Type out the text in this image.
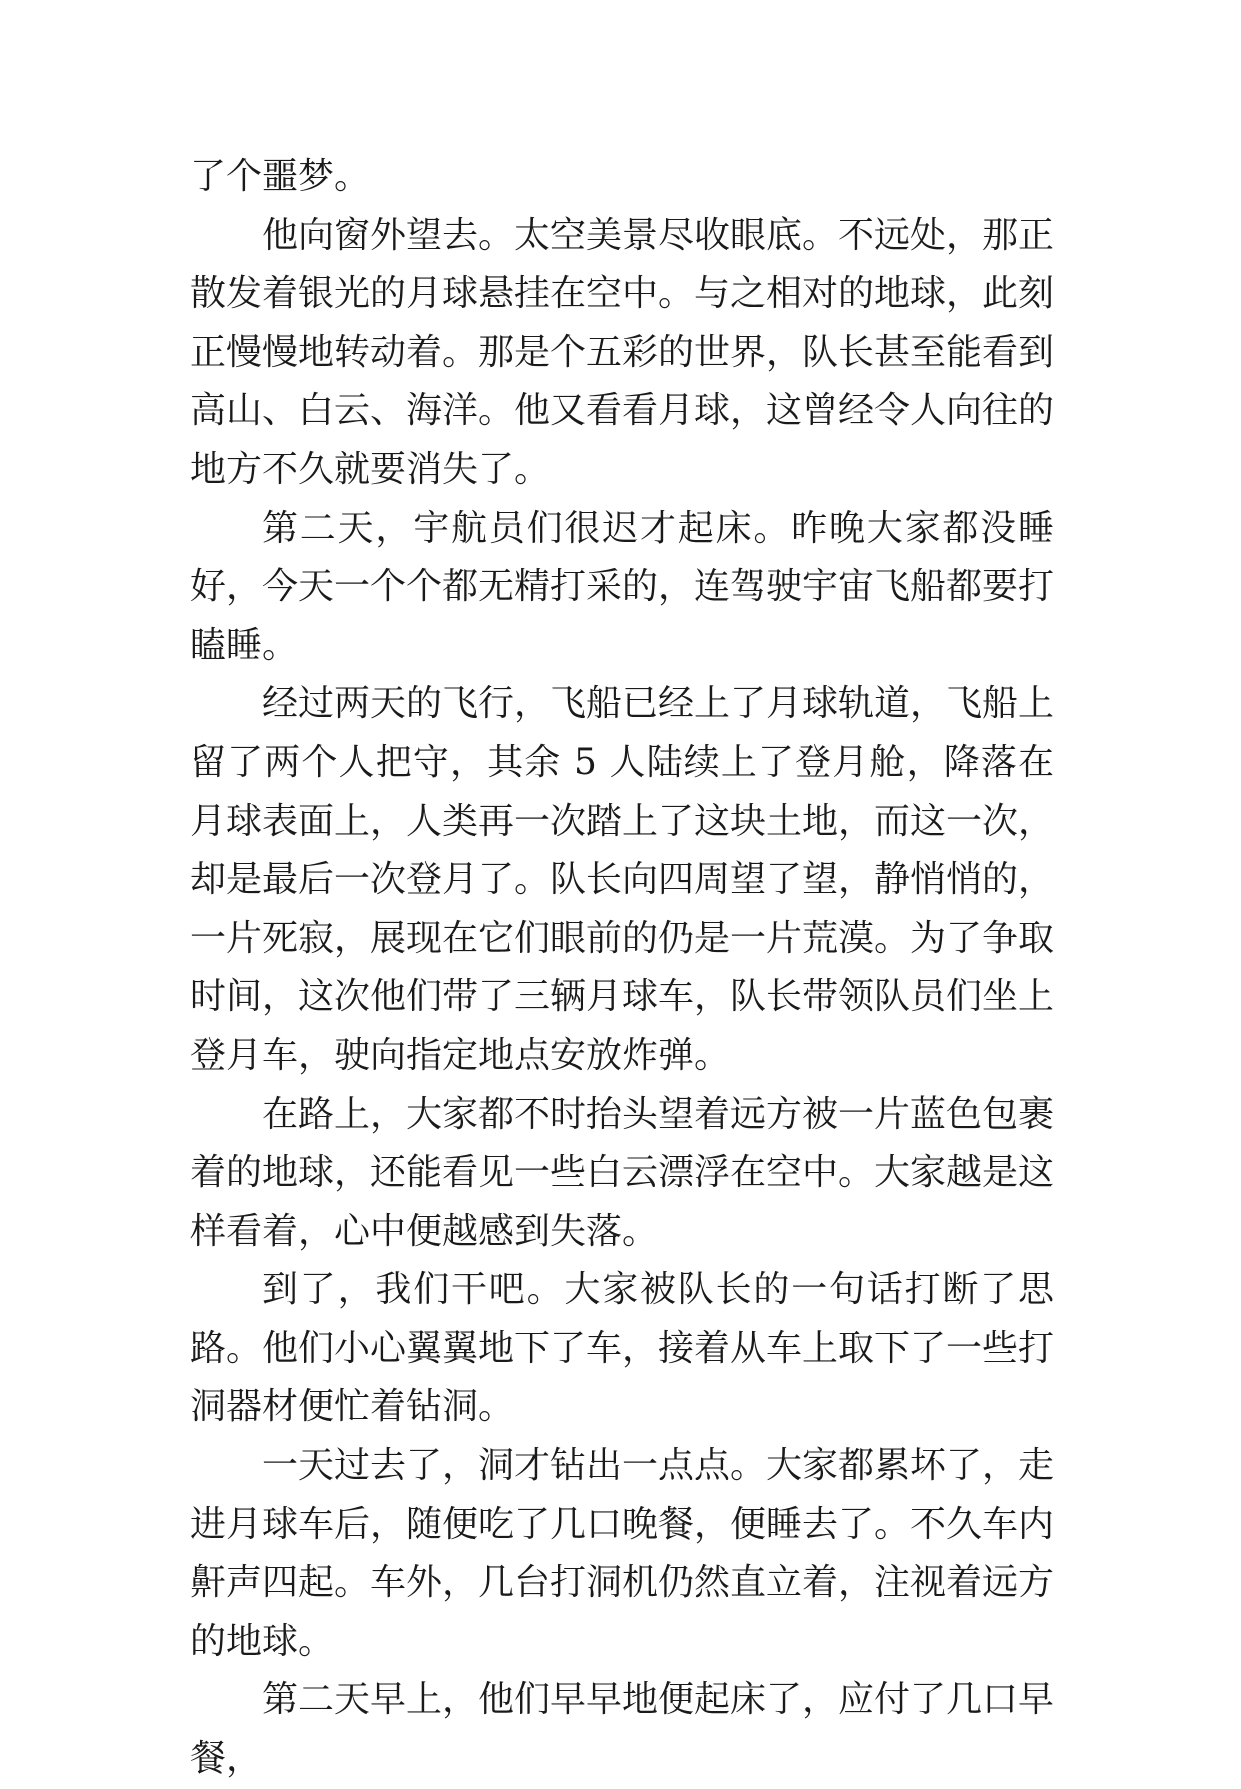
了个噩梦。

他向窗外望去。太空美景尽收眼底。不远处，那正散发着银光的月球悬挂在空中。与之相对的地球，此刻正慢慢地转动着。那是个五彩的世界，队长甚至能看到高山、白云、海洋。他又看看月球，这曾经令人向往的地方不久就要消失了。

第二天，宇航员们很迟才起床。昨晚大家都没睡好，今天一个个都无精打采的，连驾驶宇宙飞船都要打瞌睡。

经过两天的飞行，飞船已经上了月球轨道，飞船上留了两个人把守，其余 5 人陆续上了登月舱，降落在月球表面上，人类再一次踏上了这块土地，而这一次，却是最后一次登月了。队长向四周望了望，静悄悄的，一片死寂，展现在它们眼前的仍是一片荒漠。为了争取时间，这次他们带了三辆月球车，队长带领队员们坐上登月车，驶向指定地点安放炸弹。

在路上，大家都不时抬头望着远方被一片蓝色包裹着的地球，还能看见一些白云漂浮在空中。大家越是这样看着，心中便越感到失落。

到了，我们干吧。大家被队长的一句话打断了思路。他们小心翼翼地下了车，接着从车上取下了一些打洞器材便忙着钻洞。

一天过去了，洞才钻出一点点。大家都累坏了，走进月球车后，随便吃了几口晚餐，便睡去了。不久车内鼾声四起。车外，几台打洞机仍然直立着，注视着远方的地球。

第二天早上，他们早早地便起床了，应付了几口早餐，
